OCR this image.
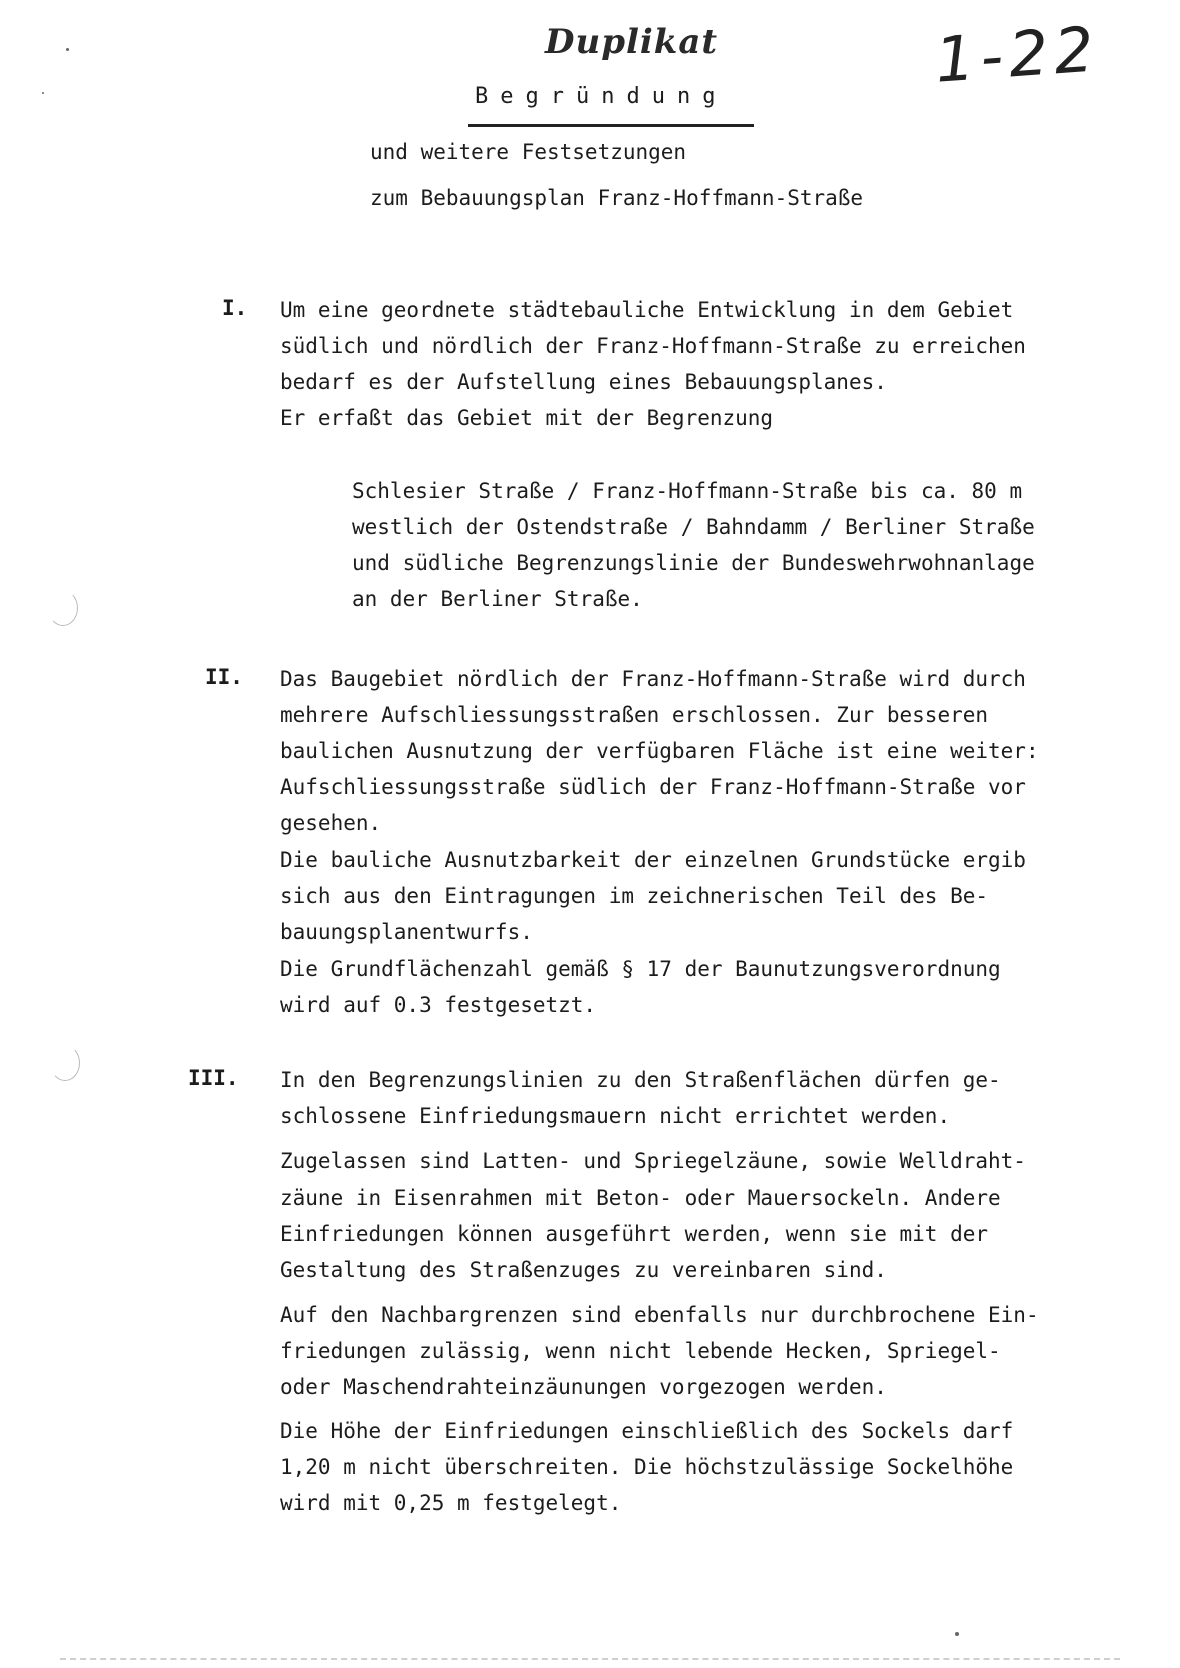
Duplikat	1-22
Begründung
und weitere Festsetzungen
zum Bebauungsplan Franz-Hoffmann-Straße
I. Um eine geordnete städtebauliche Entwicklung in dem Gebiet
südlich und nördlich der Franz-Hoffmann-Straße zu erreichen
bedarf es der Aufstellung eines Bebauungsplanes.
Er erfaßt das Gebiet mit der Begrenzung
Schlesier Straße / Franz-Hoffmann-Straße bis ca. 80 m
westlich der Ostendstraße / Bahndamm / Berliner Straße
und südliche Begrenzungslinie der Bundeswehrwohnanlage
an der Berliner Straße.
II. Das Baugebiet nördlich der Franz-Hoffmann-Straße wird durch
mehrere Aufschliessungsstraßen erschlossen. Zur besseren
baulichen Ausnutzung der verfügbaren Fläche ist eine weiter:
Aufschliessungsstraße südlich der Franz-Hoffmann-Straße vor
gesehen.
Die bauliche Ausnutzbarkeit der einzelnen Grundstücke ergib
sich aus den Eintragungen im zeichnerischen Teil des Be-
bauungsplanentwurfs.
Die Grundflächenzahl gemäß § 17 der Baunutzungsverordnung
wird auf 0.3 festgesetzt.
III. In den Begrenzungslinien zu den Straßenflächen dürfen ge-
schlossene Einfriedungsmauern nicht errichtet werden.
Zugelassen sind Latten- und Spriegelzäune, sowie Welldraht-
zäune in Eisenrahmen mit Beton- oder Mauersockeln. Andere
Einfriedungen können ausgeführt werden, wenn sie mit der
Gestaltung des Straßenzuges zu vereinbaren sind.
Auf den Nachbargrenzen sind ebenfalls nur durchbrochene Ein-
friedungen zulässig, wenn nicht lebende Hecken, Spriegel-
oder Maschendrahteinzäunungen vorgezogen werden.
Die Höhe der Einfriedungen einschließlich des Sockels darf
1,20 m nicht überschreiten. Die höchstzulässige Sockelhöhe
wird mit 0,25 m festgelegt.
